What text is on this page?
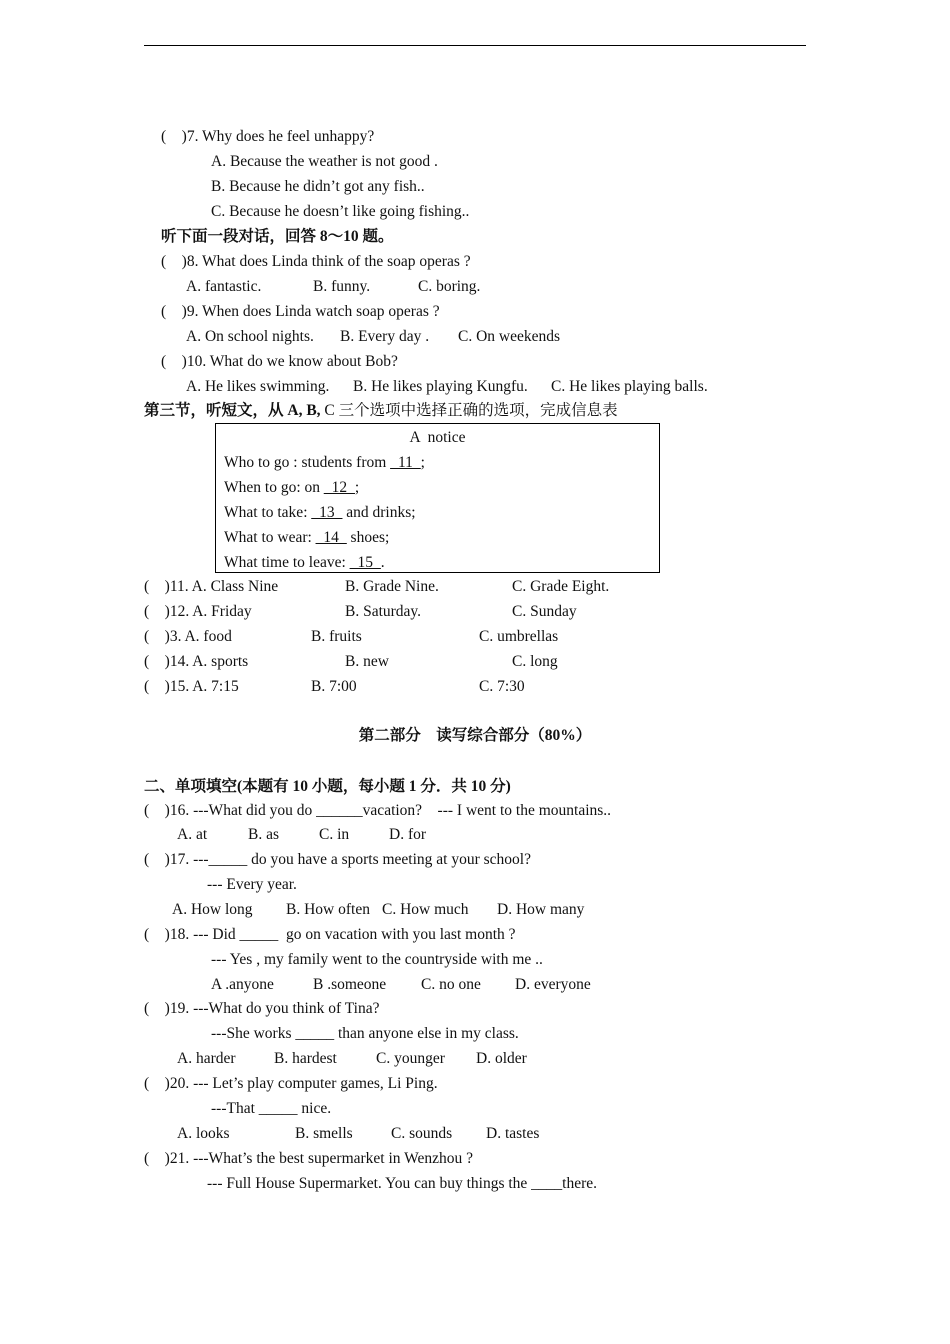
(    )7. Why does he feel unhappy?
A. Because the weather is not good .
B. Because he didn’t got any fish..
C. Because he doesn’t like going fishing..
听下面一段对话，回答 8～10 题。
(    )8. What does Linda think of the soap operas ?
A. fantastic.	B. funny.	C. boring.
(    )9. When does Linda watch soap operas ?
A. On school nights. B. Every day . C. On weekends
(    )10. What do we know about Bob?
A. He likes swimming. B. He likes playing Kungfu. C. He likes playing balls.
第三节，听短文，从 A, B, C 三个选项中选择正确的选项，完成信息表
A  notice
Who to go : students from _11_;
When to go: on _12_;
What to take: _13_ and drinks;
What to wear: _14_ shoes;
What time to leave: _15_.
(    )11. A. Class Nine	B. Grade Nine.	C. Grade Eight.
(    )12. A. Friday	B. Saturday.	C. Sunday
(    )3. A. food	B. fruits	C. umbrellas
(    )14. A. sports	B. new	C. long
(    )15. A. 7:15	B. 7:00	C. 7:30
第二部分    读写综合部分（80%）
二、单项填空(本题有 10 小题，每小题 1 分．共 10 分)
(    )16. ---What did you do ______vacation?    --- I went to the mountains..
A. at	B. as	C. in	D. for
(    )17. ---_____ do you have a sports meeting at your school?
--- Every year.
A. How long B. How often C. How much D. How many
(    )18. --- Did _____  go on vacation with you last month ?
--- Yes , my family went to the countryside with me ..
A .anyone	B .someone C. no one D. everyone
(    )19. ---What do you think of Tina?
---She works _____ than anyone else in my class.
A. harder B. hardest	C. younger D. older
(    )20. --- Let’s play computer games, Li Ping.
---That _____ nice.
A. looks	B. smells C. sounds D. tastes
(    )21. ---What’s the best supermarket in Wenzhou ?
--- Full House Supermarket. You can buy things the ____there.
